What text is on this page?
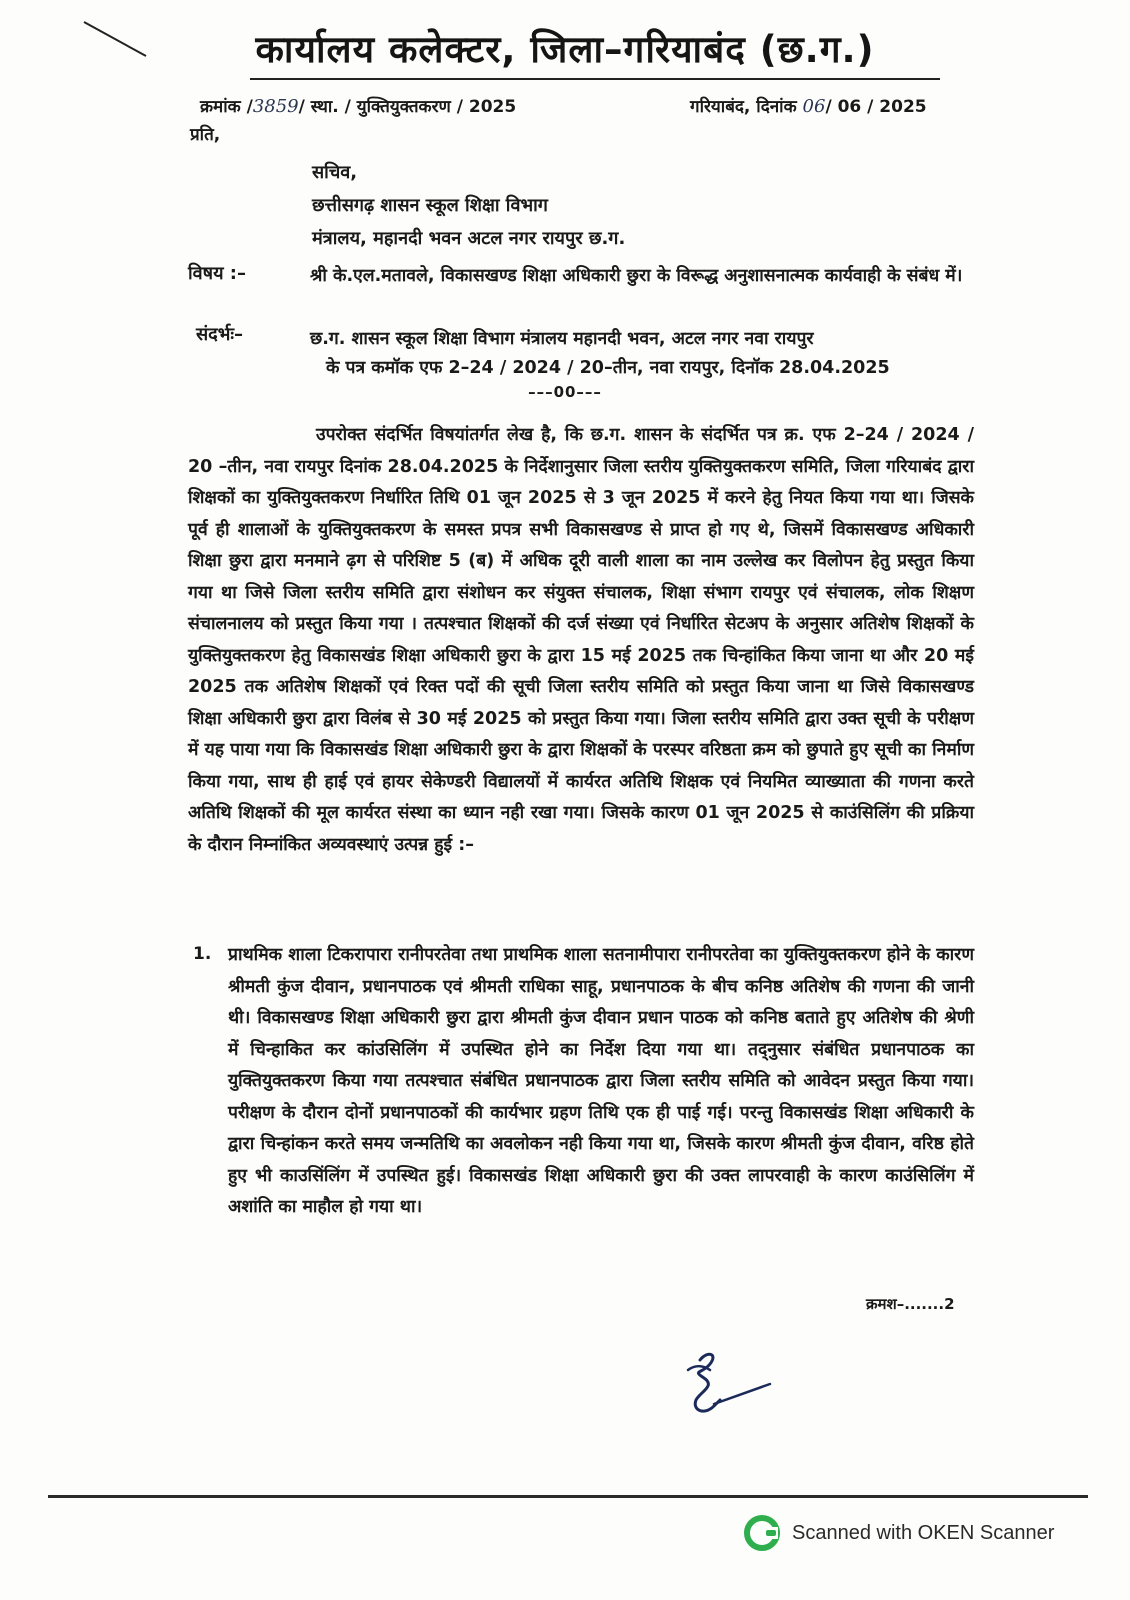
कार्यालय कलेक्टर, जिला–गरियाबंद (छ.ग.)
क्रमांक /3859/ स्था. / युक्तियुक्तकरण / 2025	गरियाबंद, दिनांक 06/ 06 / 2025
प्रति,
सचिव,
छत्तीसगढ़ शासन स्कूल शिक्षा विभाग
मंत्रालय, महानदी भवन अटल नगर रायपुर छ.ग.
विषय :–	श्री के.एल.मतावले, विकासखण्ड शिक्षा अधिकारी छुरा के विरूद्ध अनुशासनात्मक कार्यवाही के संबंध में।
संदर्भः–	छ.ग. शासन स्कूल शिक्षा विभाग मंत्रालय महानदी भवन, अटल नगर नवा रायपुर
के पत्र कमॉक एफ 2–24 / 2024 / 20–तीन, नवा रायपुर, दिनॉक 28.04.2025
–––00–––
उपरोक्त संदर्भित विषयांतर्गत लेख है, कि छ.ग. शासन के संदर्भित पत्र क्र. एफ 2–24 / 2024 / 20 –तीन, नवा रायपुर दिनांक 28.04.2025 के निर्देशानुसार जिला स्तरीय युक्तियुक्तकरण समिति, जिला गरियाबंद द्वारा शिक्षकों का युक्तियुक्तकरण निर्धारित तिथि 01 जून 2025 से 3 जून 2025 में करने हेतु नियत किया गया था। जिसके पूर्व ही शालाओं के युक्तियुक्तकरण के समस्त प्रपत्र सभी विकासखण्ड से प्राप्त हो गए थे, जिसमें विकासखण्ड अधिकारी शिक्षा छुरा द्वारा मनमाने ढ़ग से परिशिष्ट 5 (ब) में अधिक दूरी वाली शाला का नाम उल्लेख कर विलोपन हेतु प्रस्तुत किया गया था जिसे जिला स्तरीय समिति द्वारा संशोधन कर संयुक्त संचालक, शिक्षा संभाग रायपुर एवं संचालक, लोक शिक्षण संचालनालय को प्रस्तुत किया गया । तत्पश्चात शिक्षकों की दर्ज संख्या एवं निर्धारित सेटअप के अनुसार अतिशेष शिक्षकों के युक्तियुक्तकरण हेतु विकासखंड शिक्षा अधिकारी छुरा के द्वारा 15 मई 2025 तक चिन्हांकित किया जाना था और 20 मई 2025 तक अतिशेष शिक्षकों एवं रिक्त पदों की सूची जिला स्तरीय समिति को प्रस्तुत किया जाना था जिसे विकासखण्ड शिक्षा अधिकारी छुरा द्वारा विलंब से 30 मई 2025 को प्रस्तुत किया गया। जिला स्तरीय समिति द्वारा उक्त सूची के परीक्षण में यह पाया गया कि विकासखंड शिक्षा अधिकारी छुरा के द्वारा शिक्षकों के परस्पर वरिष्ठता क्रम को छुपाते हुए सूची का निर्माण किया गया, साथ ही हाई एवं हायर सेकेण्डरी विद्यालयों में कार्यरत अतिथि शिक्षक एवं नियमित व्याख्याता की गणना करते अतिथि शिक्षकों की मूल कार्यरत संस्था का ध्यान नही रखा गया। जिसके कारण 01 जून 2025 से काउंसिलिंग की प्रक्रिया के दौरान निम्नांकित अव्यवस्थाएं उत्पन्न हुई :–
1. प्राथमिक शाला टिकरापारा रानीपरतेवा तथा प्राथमिक शाला सतनामीपारा रानीपरतेवा का युक्तियुक्तकरण होने के कारण श्रीमती कुंज दीवान, प्रधानपाठक एवं श्रीमती राधिका साहू, प्रधानपाठक के बीच कनिष्ठ अतिशेष की गणना की जानी थी। विकासखण्ड शिक्षा अधिकारी छुरा द्वारा श्रीमती कुंज दीवान प्रधान पाठक को कनिष्ठ बताते हुए अतिशेष की श्रेणी में चिन्हाकित कर कांउसिलिंग में उपस्थित होने का निर्देश दिया गया था। तद्नुसार संबंधित प्रधानपाठक का युक्तियुक्तकरण किया गया तत्पश्चात संबंधित प्रधानपाठक द्वारा जिला स्तरीय समिति को आवेदन प्रस्तुत किया गया। परीक्षण के दौरान दोनों प्रधानपाठकों की कार्यभार ग्रहण तिथि एक ही पाई गई। परन्तु विकासखंड शिक्षा अधिकारी के द्वारा चिन्हांकन करते समय जन्मतिथि का अवलोकन नही किया गया था, जिसके कारण श्रीमती कुंज दीवान, वरिष्ठ होते हुए भी काउसिंलिंग में उपस्थित हुई। विकासखंड शिक्षा अधिकारी छुरा की उक्त लापरवाही के कारण काउंसिलिंग में अशांति का माहौल हो गया था।
क्रमश–.......2
Scanned with OKEN Scanner
